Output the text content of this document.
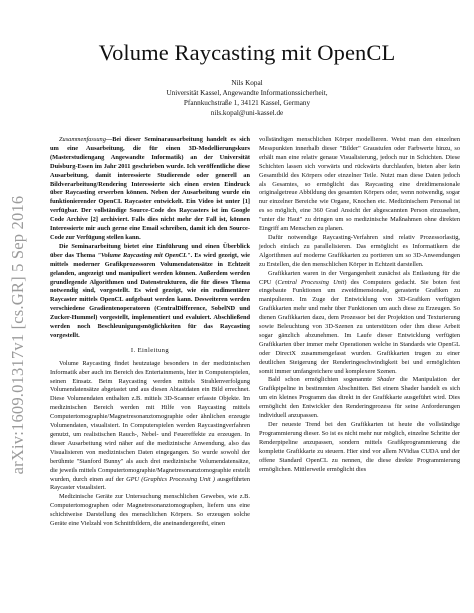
arXiv:1609.01317v1 [cs.GR] 5 Sep 2016
Volume Raycasting mit OpenCL
Nils Kopal
Universität Kassel, Angewandte Informationssicherheit,
Pfannkuchstraße 1, 34121 Kassel, Germany
nils.kopal@uni-kassel.de

Zusammenfassung—Bei dieser Seminarausarbeitung handelt es sich um eine Ausarbeitung, die für einen 3D-Modellierungskurs (Masterstudiengang Angewandte Informatik) an der Universität Duisburg-Essen im Jahr 2011 geschrieben wurde. Ich veröffentliche diese Ausarbeitung, damit interessierte Studierende oder generell an Bildverarbeitung/Rendering Interessierte sich einen ersten Eindruck über Raycasting erwerben können. Neben der Ausarbeitung wurde ein funktionierender OpenCL Raycaster entwickelt. Ein Video ist unter [1] verfügbar. Der vollständige Source-Code des Raycasters ist im Google Code Archive [2] archiviert. Falls dies nicht mehr der Fall ist, können Interessierte mir auch gerne eine Email schreiben, damit ich den Source-Code zur Verfügung stellen kann.

Die Seminararbeitung bietet eine Einführung und einen Überblick über das Thema "Volume Raycasting mit OpenCL". Es wird gezeigt, wie mittels moderner Grafikprozessoren Volumendatensätze in Echtzeit gelanden, angezeigt und manipuliert werden können. Außerdem werden grundlegende Algorithmen und Datenstrukturen, die für dieses Thema notwendig sind, vorgestellt. Es wird gezeigt, wie ein rudimentärer Raycaster mittels OpenCL aufgebaut werden kann. Desweiteren werden verschiedene Gradientenoperatoren (CentralDifference, SobelND und Zucker-Hummel) vorgestellt, implementiert und evaluiert. Abschließend werden noch Beschleunigungsmöglichkeiten für das Raycasting vorgestellt.

I. Einleitung

Volume Raycasting findet heutzutage besonders in der medizinischen Informatik aber auch im Bereich des Entertainments, hier in Computerspielen, seinen Einsatz. Beim Raycasting werden mittels Strahlenverfolgung Volumendatensätze abgetastet und aus diesen Abtastdaten ein Bild errechnet. Diese Volumendaten enthalten z.B. mittels 3D-Scanner erfasste Objekte. Im medizinischen Bereich werden mit Hilfe von Raycasting mittels Computertomographie/Magnetresonanztomographie oder ähnlichen erzeugte Volumendaten, visualisiert. In Computerspielen werden Raycastingverfahren genutzt, um realistischen Rauch-, Nebel- und Feuereffekte zu erzeugen. In dieser Ausarbeitung wird näher auf die medizinische Anwendung, also das Visualisieren von medizinischen Daten eingegangen. So wurde sowohl der berühmte "Stanford Bunny" als auch drei medizinische Volumendatensätze, die jeweils mittels Computertomographie/Magnetresonanztomographie erstellt wurden, durch einen auf der GPU (Graphics Processing Unit ) ausgeführten Raycaster visualisiert.

Medizinische Geräte zur Untersuchung menschlichen Gewebes, wie z.B. Computertomographen oder Magnetresonanztomographen, liefern uns eine schichtweise Darstellung des menschlichen Körpers. So erzeugen solche Geräte eine Vielzahl von Schnittbildern, die aneinandergereiht, einen

vollständigen menschlichen Körper modellieren. Weist man den einzelnen Messpunkten innerhalb dieser "Bilder" Graustufen oder Farbwerte hinzu, so erhält man eine relativ genaue Visualisierung, jedoch nur in Schichten. Diese Schichten lassen sich vorwärts und rückwärts durchlaufen, bieten aber kein Gesamtbild des Körpers oder einzelner Teile. Nutzt man diese Daten jedoch als Gesamtes, so ermöglicht das Raycasting eine dreidimensionale originalgetreue Abbildung des gesamten Körpers oder, wenn notwendig, sogar nur einzelner Bereiche wie Organe, Knochen etc. Medizinischem Personal ist es so möglich, eine 360 Grad Ansicht der abgescannten Person einzusehen, "unter die Haut" zu dringen um so medizinische Maßnahmen ohne direkten Eingriff am Menschen zu planen.

Dafür notwendige Raycasting-Verfahren sind relativ Prozessorlastig, jedoch einfach zu parallelisieren. Das ermöglicht es Informatikern die Algorithmen auf moderne Grafikkarten zu portieren um so 3D-Anwendungen zu Erstellen, die den menschlichen Körper in Echtzeit darstellen.

Grafikkarten waren in der Vergangenheit zunächst als Entlastung für die CPU (Central Processing Unit) des Computers gedacht. Sie boten fest eingebaute Funktionen um zweidimensionale, gerasterte Grafiken zu manipulieren. Im Zuge der Entwicklung von 3D-Grafiken verfügten Grafikkarten mehr und mehr über Funktionen um auch diese zu Erzeugen. So dienen Grafikkarten dazu, dem Prozessor bei der Projektion und Texturierung sowie Beleuchtung von 3D-Szenen zu unterstützen oder ihm diese Arbeit sogar gänzlich abzunehmen. Im Laufe dieser Entwicklung verfügten Grafikkarten über immer mehr Operationen welche in Standards wie OpenGL oder DirectX zusammengefasst wurden. Grafikkarten trugen zu einer deutlichen Steigerung der Renderingeschwindigkeit bei und ermöglichten somit immer umfangreichere und komplexere Szenen.

Bald schon ermöglichten sogenannte Shader die Manipulation der Grafikpipeline in bestimmten Abschnitten. Bei einem Shader handelt es sich um ein kleines Programm das direkt in der Grafikkarte ausgeführt wird. Dies ermöglicht den Entwickler den Renderingprozess für seine Anforderungen individuell anzupassen.

Der neueste Trend bei den Grafikkarten ist heute die vollständige Programmierung dieser. So ist es nicht mehr nur möglich, einzelne Schritte der Renderpipeline anzupassen, sondern mittels Grafikprogrammierung die komplette Grafikkarte zu steuern. Hier sind vor allem NVidias CUDA und der offene Standard OpenCL zu nennen, die diese direkte Programmierung ermöglichen. Mittlerweile ermöglicht dies
